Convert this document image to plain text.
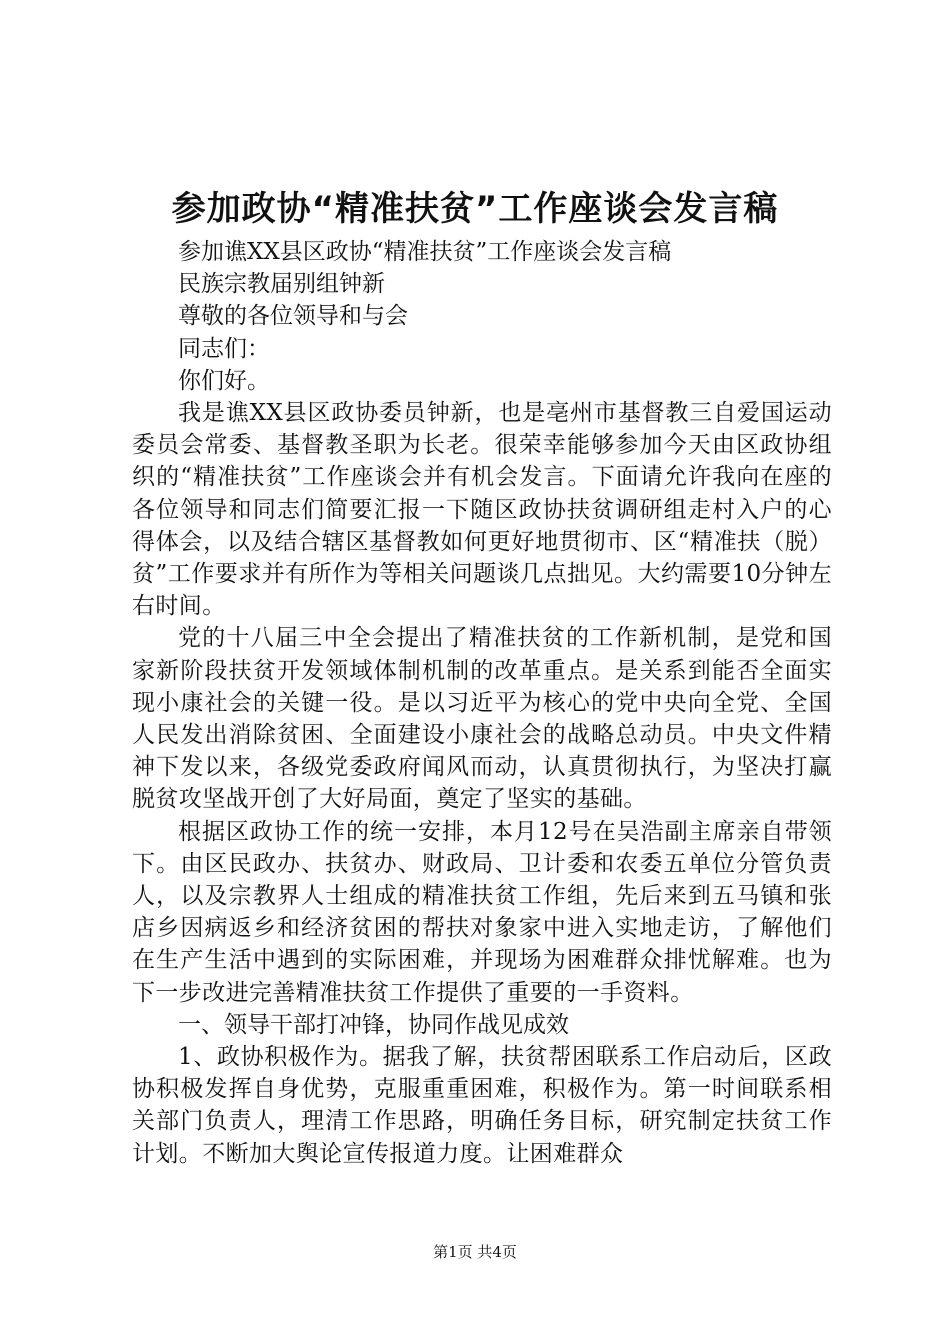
参加政协“精准扶贫”工作座谈会发言稿

参加谯XX县区政协“精准扶贫”工作座谈会发言稿

民族宗教届别组钟新

尊敬的各位领导和与会

同志们：

你们好。

我是谯XX县区政协委员钟新，也是亳州市基督教三自爱国运动委员会常委、基督教圣职为长老。很荣幸能够参加今天由区政协组织的“精准扶贫”工作座谈会并有机会发言。下面请允许我向在座的各位领导和同志们简要汇报一下随区政协扶贫调研组走村入户的心得体会，以及结合辖区基督教如何更好地贯彻市、区“精准扶（脱）贫”工作要求并有所作为等相关问题谈几点拙见。大约需要10分钟左右时间。

党的十八届三中全会提出了精准扶贫的工作新机制，是党和国家新阶段扶贫开发领域体制机制的改革重点。是关系到能否全面实现小康社会的关键一役。是以习近平为核心的党中央向全党、全国人民发出消除贫困、全面建设小康社会的战略总动员。中央文件精神下发以来，各级党委政府闻风而动，认真贯彻执行，为坚决打赢脱贫攻坚战开创了大好局面，奠定了坚实的基础。

根据区政协工作的统一安排，本月12号在吴浩副主席亲自带领下。由区民政办、扶贫办、财政局、卫计委和农委五单位分管负责人，以及宗教界人士组成的精准扶贫工作组，先后来到五马镇和张店乡因病返乡和经济贫困的帮扶对象家中进入实地走访，了解他们在生产生活中遇到的实际困难，并现场为困难群众排忧解难。也为下一步改进完善精准扶贫工作提供了重要的一手资料。

一、领导干部打冲锋，协同作战见成效

1、政协积极作为。据我了解，扶贫帮困联系工作启动后，区政协积极发挥自身优势，克服重重困难，积极作为。第一时间联系相关部门负责人，理清工作思路，明确任务目标，研究制定扶贫工作计划。不断加大舆论宣传报道力度。让困难群众

第1页 共4页
